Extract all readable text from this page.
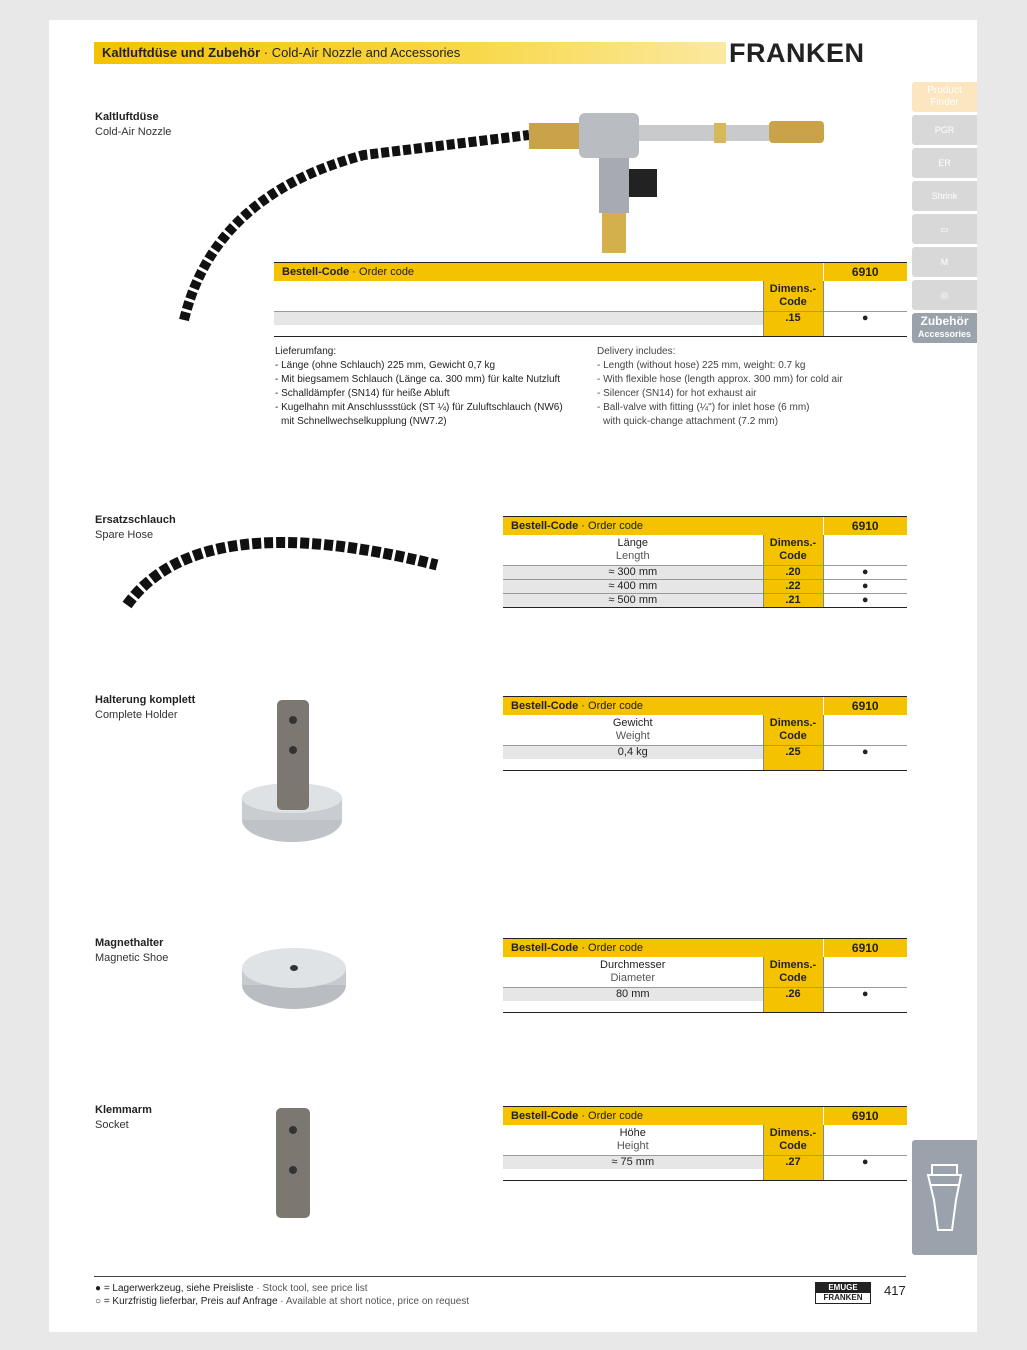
Kaltluftdüse und Zubehör · Cold-Air Nozzle and Accessories	FRANKEN
Kaltluftdüse
Cold-Air Nozzle
Bestell-Code · Order code		6910
	Dimens.-
Code	
	.15	●

Lieferumfang:
- Länge (ohne Schlauch) 225 mm, Gewicht 0,7 kg
- Mit biegsamem Schlauch (Länge ca. 300 mm) für kalte Nutzluft
- Schalldämpfer (SN14) für heiße Abluft
- Kugelhahn mit Anschlussstück (ST ¼) für Zuluftschlauch (NW6)
mit Schnellwechselkupplung (NW7.2)
Delivery includes:
- Length (without hose) 225 mm, weight: 0.7 kg
- With flexible hose (length approx. 300 mm) for cold air
- Silencer (SN14) for hot exhaust air
- Ball-valve with fitting (¼") for inlet hose (6 mm)
with quick-change attachment (7.2 mm)
Ersatzschlauch
Spare Hose
Bestell-Code · Order code		6910
Länge
Length	Dimens.-
Code	
≈ 300 mm	.20	●
≈ 400 mm	.22	●
≈ 500 mm	.21	●
Halterung komplett
Complete Holder
Bestell-Code · Order code		6910
Gewicht
Weight	Dimens.-
Code	
0,4 kg	.25	●

Magnethalter
Magnetic Shoe
Bestell-Code · Order code		6910
Durchmesser
Diameter	Dimens.-
Code	
80 mm	.26	●

Klemmarm
Socket
Bestell-Code · Order code		6910
Höhe
Height	Dimens.-
Code	
≈ 75 mm	.27	●

● = Lagerwerkzeug, siehe Preisliste · Stock tool, see price list
○ = Kurzfristig lieferbar, Preis auf Anfrage · Available at short notice, price on request
EMUGE
FRANKEN	417
Product Finder
PGR
ER
Shrink
▭
M
◎
Zubehör
Accessories
